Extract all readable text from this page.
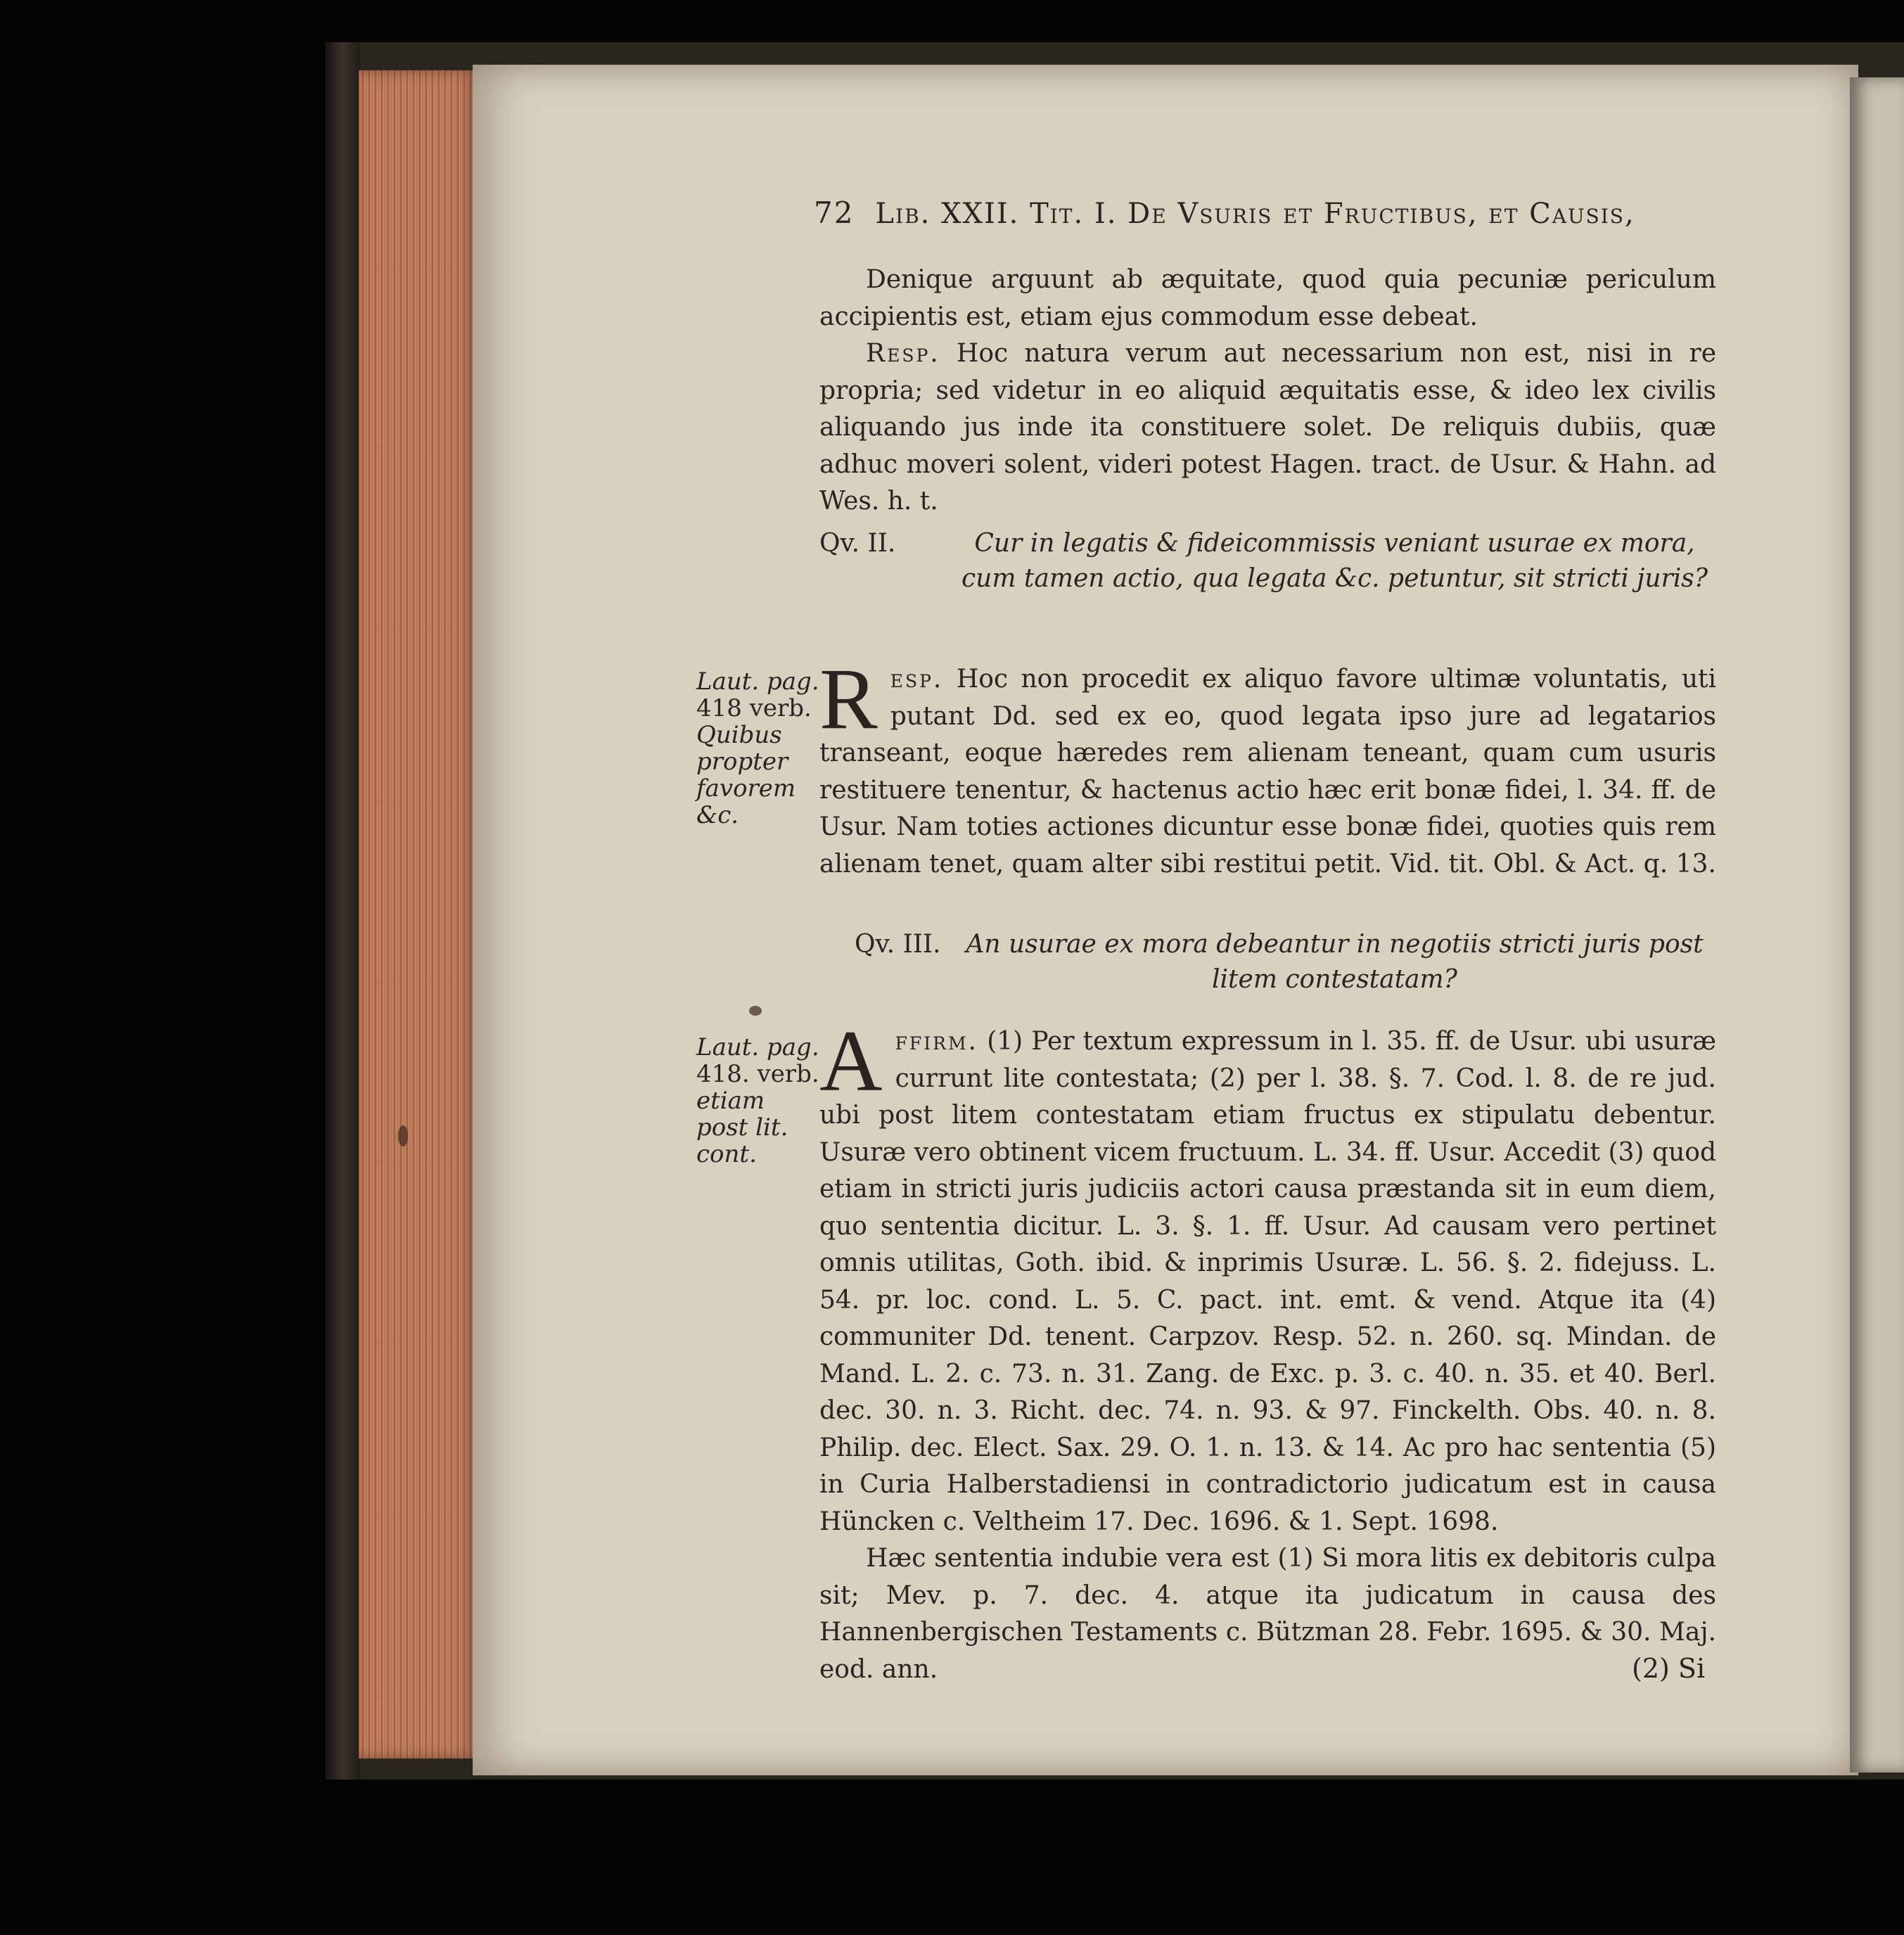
72 Lib. XXII. Tit. I. De Vsuris et Fructibus, et Causis,

Denique arguunt ab æquitate, quod quia pecuniæ periculum accipientis est, etiam ejus commodum esse debeat.

Resp. Hoc natura verum aut necessarium non est, nisi in re propria; sed videtur in eo aliquid æquitatis esse, & ideo lex civilis aliquando jus inde ita constituere solet. De reliquis dubiis, quæ adhuc moveri solent, videri potest Hagen. tract. de Usur. & Hahn. ad Wes. h. t.

Qv. II.	Cur in legatis & fideicommissis veniant usurae ex mora, cum tamen actio, qua legata &c. petuntur, sit stricti juris?
Laut. pag.
418 verb.
Quibus propter favorem &c.

R esp. Hoc non procedit ex aliquo favore ultimæ voluntatis, uti putant Dd. sed ex eo, quod legata ipso jure ad legatarios transeant, eoque hæredes rem alienam teneant, quam cum usuris restituere tenentur, & hactenus actio hæc erit bonæ fidei, l. 34. ff. de Usur. Nam toties actiones dicuntur esse bonæ fidei, quoties quis rem alienam tenet, quam alter sibi restitui petit. Vid. tit. Obl. & Act. q. 13.

Qv. III. An usurae ex mora debeantur in negotiis stricti juris post litem contestatam?
Laut. pag.
418. verb.
etiam post lit. cont.

A ffirm. (1) Per textum expressum in l. 35. ff. de Usur. ubi usuræ currunt lite contestata; (2) per l. 38. §. 7. Cod. l. 8. de re jud. ubi post litem contestatam etiam fructus ex stipulatu debentur. Usuræ vero obtinent vicem fructuum. L. 34. ff. Usur. Accedit (3) quod etiam in stricti juris judiciis actori causa præstanda sit in eum diem, quo sententia dicitur. L. 3. §. 1. ff. Usur. Ad causam vero pertinet omnis utilitas, Goth. ibid. & inprimis Usuræ. L. 56. §. 2. fidejuss. L. 54. pr. loc. cond. L. 5. C. pact. int. emt. & vend. Atque ita (4) communiter Dd. tenent. Carpzov. Resp. 52. n. 260. sq. Mindan. de Mand. L. 2. c. 73. n. 31. Zang. de Exc. p. 3. c. 40. n. 35. et 40. Berl. dec. 30. n. 3. Richt. dec. 74. n. 93. & 97. Finckelth. Obs. 40. n. 8. Philip. dec. Elect. Sax. 29. O. 1. n. 13. & 14. Ac pro hac sententia (5) in Curia Halberstadiensi in contradictorio judicatum est in causa Hüncken c. Veltheim 17. Dec. 1696. & 1. Sept. 1698.

Hæc sententia indubie vera est (1) Si mora litis ex debitoris culpa sit; Mev. p. 7. dec. 4. atque ita judicatum in causa des Hannenbergischen Testaments c. Bützman 28. Febr. 1695. & 30. Maj. eod. ann.	(2) Si
